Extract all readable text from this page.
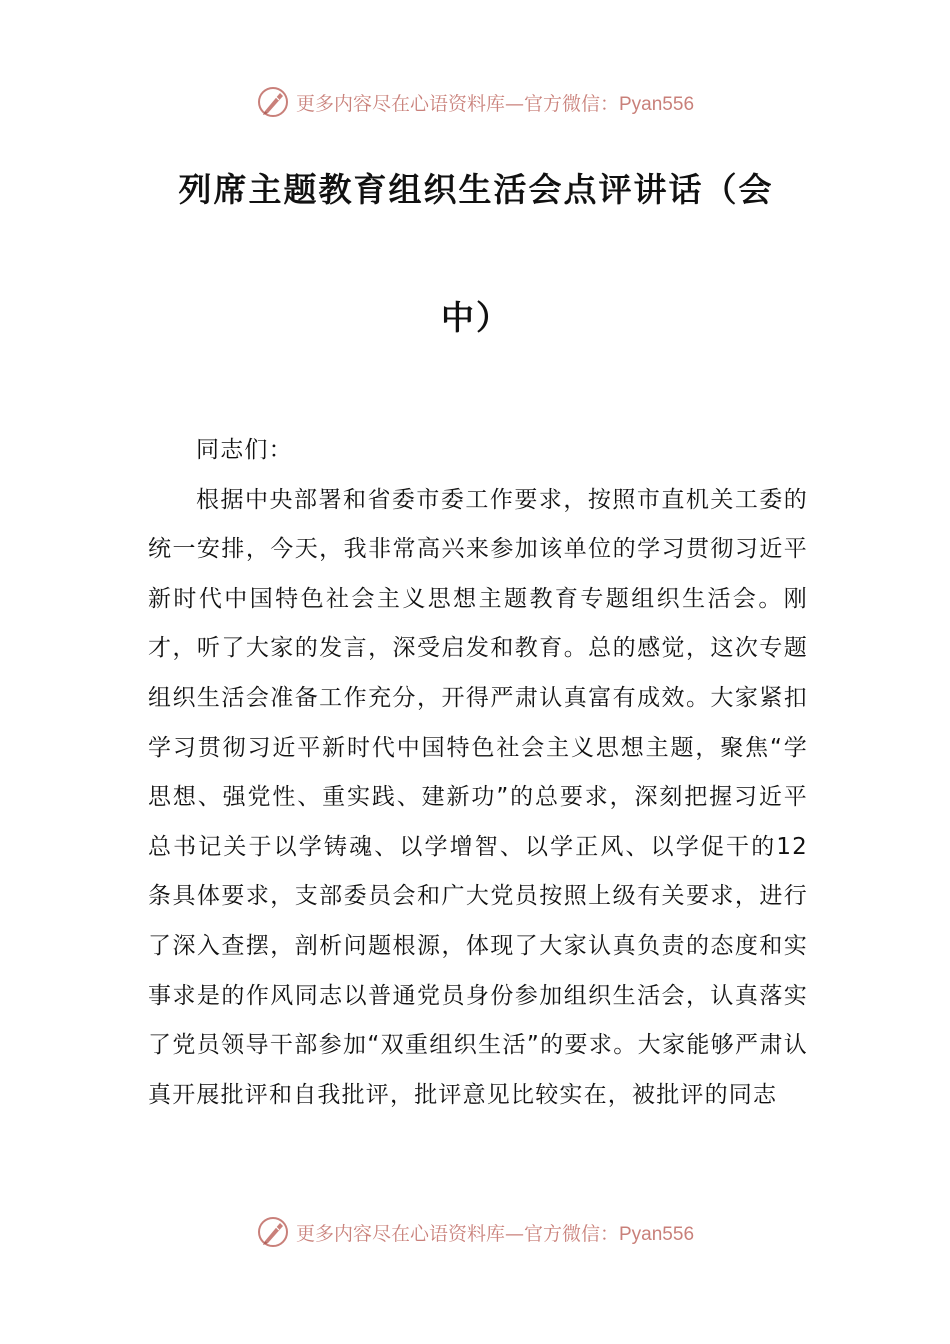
更多内容尽在心语资料库—官方微信：Pyan556
列席主题教育组织生活会点评讲话（会
中）

同志们：

根据中央部署和省委市委工作要求，按照市直机关工委的统一安排，今天，我非常高兴来参加该单位的学习贯彻习近平新时代中国特色社会主义思想主题教育专题组织生活会。刚才，听了大家的发言，深受启发和教育。总的感觉，这次专题组织生活会准备工作充分，开得严肃认真富有成效。大家紧扣学习贯彻习近平新时代中国特色社会主义思想主题，聚焦“学思想、强党性、重实践、建新功”的总要求，深刻把握习近平总书记关于以学铸魂、以学增智、以学正风、以学促干的12条具体要求，支部委员会和广大党员按照上级有关要求，进行了深入查摆，剖析问题根源，体现了大家认真负责的态度和实事求是的作风同志以普通党员身份参加组织生活会，认真落实了党员领导干部参加“双重组织生活”的要求。大家能够严肃认真开展批评和自我批评，批评意见比较实在，被批评的同志

更多内容尽在心语资料库—官方微信：Pyan556
